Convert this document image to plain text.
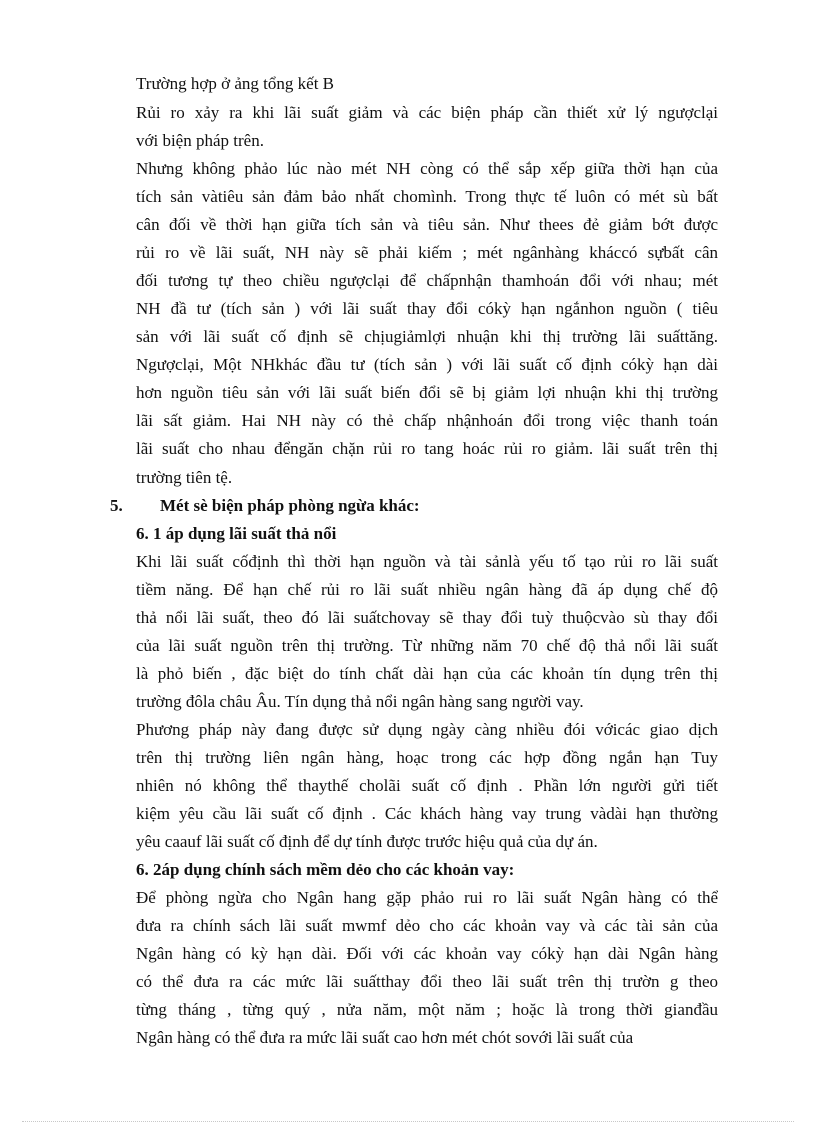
Trường hợp ở ảng tổng kết B
Rủi ro xảy ra khi lãi suất giảm và các biện pháp cần thiết xử lý ngượclại
với biện pháp trên.
Nhưng không phảo lúc nào mét NH còng có thể sắp xếp giữa thời hạn của
tích sản vàtiêu sản đảm bảo nhất chomình. Trong thực tế luôn có mét sù bất
cân đối về thời hạn giữa tích sản và tiêu sản. Như thees đẻ giảm bớt được
rủi ro về lãi suất, NH này sẽ phải kiếm ; mét ngânhàng kháccó sựbất cân
đối tương tự theo chiều ngượclại để chấpnhận thamhoán đổi với nhau; mét
NH đầ tư (tích sản ) với lãi suất thay đổi cókỳ hạn ngắnhon nguồn ( tiêu
sản với lãi suất cố định sẽ chịugiảmlợi nhuận khi thị trường lãi suấttăng.
Ngượclại, Một NHkhác đầu tư (tích sản ) với lãi suất cố định cókỳ hạn dài
hơn nguồn tiêu sản với lãi suất biến đổi sẽ bị giảm lợi nhuận khi thị trường
lãi sất giảm. Hai NH này có thẻ chấp nhậnhoán đổi trong việc thanh toán
lãi suất cho nhau đểngăn chặn rủi ro tang hoác rủi ro giảm. lãi suất trên thị
trường tiên tệ.
5. Mét sè biện pháp phòng ngừa khác:
6. 1 áp dụng lãi suất thả nổi
Khi lãi suất cốđịnh thì thời hạn nguồn và tài sảnlà yếu tố tạo rủi ro lãi suất
tiềm năng. Để hạn chế rủi ro lãi suất nhiều ngân hàng đã áp dụng chế độ
thả nổi lãi suất, theo đó lãi suấtchovay sẽ thay đổi tuỳ thuộcvào sù thay đổi
của lãi suất nguồn trên thị trường. Từ những năm 70 chế độ thả nổi lãi suất
là phỏ biến , đặc biệt do tính chất dài hạn của các khoản tín dụng trên thị
trường đôla châu Âu. Tín dụng thả nổi ngân hàng sang người vay.
Phương pháp này đang được sử dụng ngày càng nhiều đói vớicác giao dịch
trên thị trường liên ngân hàng, hoạc trong các hợp đồng ngắn hạn Tuy
nhiên nó không thể thaythế cholãi suất cố định . Phần lớn người gửi tiết
kiệm yêu cầu lãi suất cố định . Các khách hàng vay trung vàdài hạn thường
yêu caauf lãi suất cố định để dự tính được trước hiệu quả của dự án.
6. 2áp dụng chính sách mềm dẻo cho các khoản vay:
Để phòng ngừa cho Ngân hang gặp phảo rui ro lãi suất Ngân hàng có thể
đưa ra chính sách lãi suất mwmf dẻo cho các khoản vay và các tài sản của
Ngân hàng có kỳ hạn dài. Đối với các khoản vay cókỳ hạn dài Ngân hàng
có thể đưa ra các mức lãi suấtthay đổi theo lãi suất trên thị trườn g theo
từng tháng , từng quý , nửa năm, một năm ; hoặc là trong thời gianđầu
Ngân hàng có thể đưa ra mức lãi suất cao hơn mét chót sovới lãi suất của
